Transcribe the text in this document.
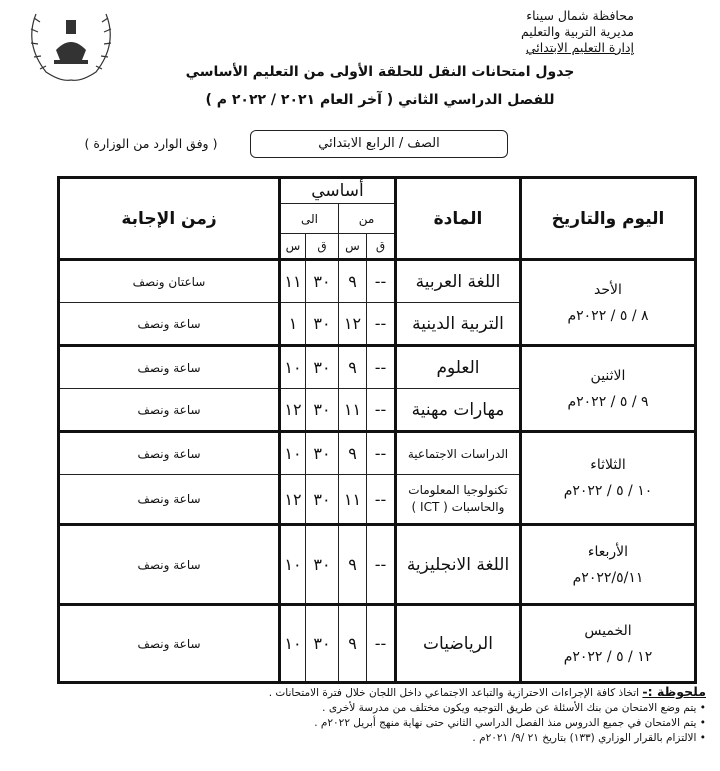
محافظة شمال سيناء
مديرية التربية والتعليم
إدارة التعليم الابتدائي
جدول امتحانات النقل للحلقة الأولى من التعليم الأساسي
للفصل الدراسي الثاني ( آخر العام ٢٠٢١ / ٢٠٢٢ م )
الصف / الرابع الابتدائي
( وفق الوارد من الوزارة )
اليوم والتاريخ	المادة	أساسي				زمن الإجابة
		من		الى		
		ق	س	ق	س	

الأحد
٨ / ٥ / ٢٠٢٢م	اللغة العربية	--	٩	٣٠	١١	ساعتان ونصف
	التربية الدينية	--	١٢	٣٠	١	ساعة ونصف

الاثنين
٩ / ٥ / ٢٠٢٢م	العلوم	--	٩	٣٠	١٠	ساعة ونصف
	مهارات مهنية	--	١١	٣٠	١٢	ساعة ونصف

الثلاثاء
١٠ / ٥ / ٢٠٢٢م	الدراسات الاجتماعية	--	٩	٣٠	١٠	ساعة ونصف
	تكنولوجيا المعلومات والحاسبات ( ICT )	--	١١	٣٠	١٢	ساعة ونصف

الأربعاء
٢٠٢٢/٥/١١م	اللغة الانجليزية	--	٩	٣٠	١٠	ساعة ونصف

الخميس
١٢ / ٥ / ٢٠٢٢م	الرياضيات	--	٩	٣٠	١٠	ساعة ونصف
ملحوظة :- اتخاذ كافة الإجراءات الاحترازية والتباعد الاجتماعي داخل اللجان خلال فترة الامتحانات .
• يتم وضع الامتحان من بنك الأسئلة عن طريق التوجيه ويكون مختلف من مدرسة لأخرى .
• يتم الامتحان في جميع الدروس منذ الفصل الدراسي الثاني حتى نهاية منهج أبريل ٢٠٢٢م .
• الالتزام بالقرار الوزاري (١٣٣) بتاريخ ٢١ /٩/ ٢٠٢١م .
